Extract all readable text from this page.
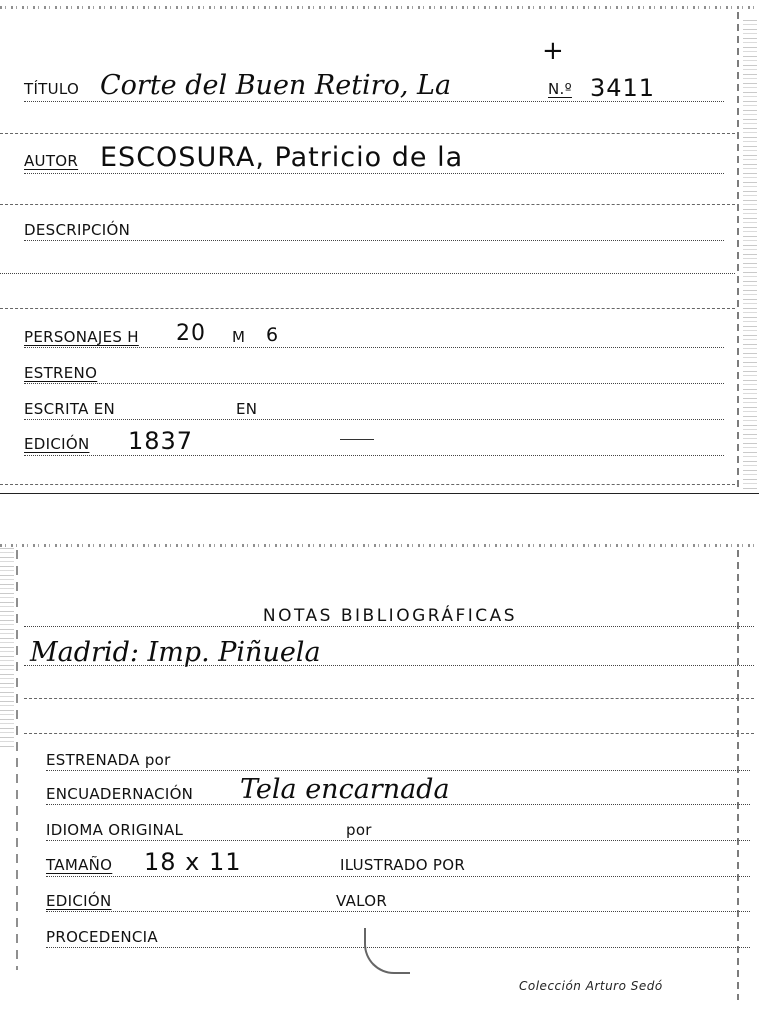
+
TÍTULO Corte del Buen Retiro, La	N.º 3411
AUTOR ESCOSURA, Patricio de la
DESCRIPCIÓN
PERSONAJES H 20 M 6
ESTRENO
ESCRITA EN	EN
EDICIÓN 1837
NOTAS BIBLIOGRÁFICAS
Madrid: Imp. Piñuela
ESTRENADA por
ENCUADERNACIÓN Tela encarnada
IDIOMA ORIGINAL	por
TAMAÑO 18 x 11	ILUSTRADO POR
EDICIÓN	VALOR
PROCEDENCIA
Colección Arturo Sedó
